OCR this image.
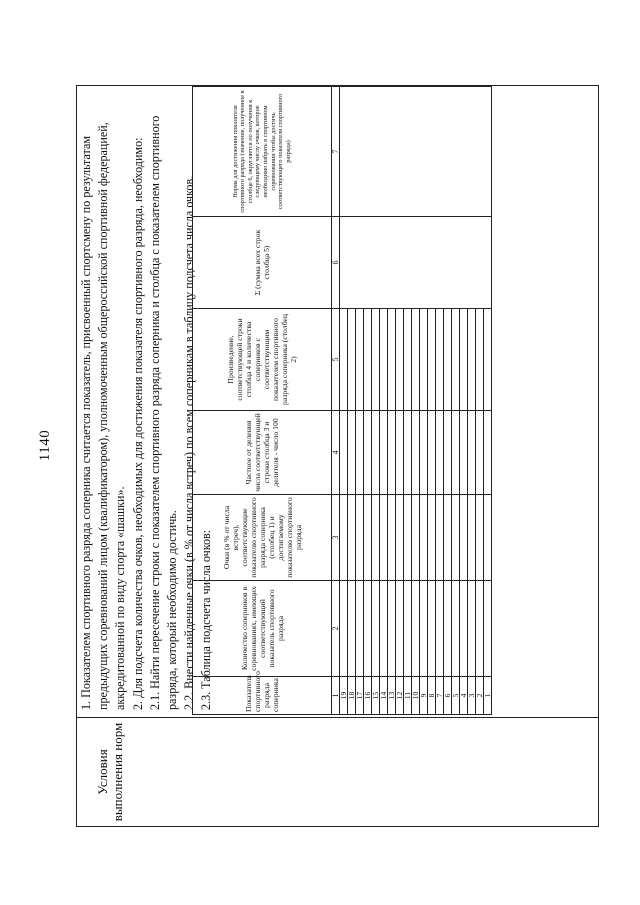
1140
Условия выполнения норм

1. Показателем спортивного разряда соперника считается показатель, присвоенный спортсмену по результатам предыдущих соревнований лицом (квалификатором), уполномоченным общероссийской спортивной федерацией, аккредитованной по виду спорта «шашки». 2. Для подсчета количества очков, необходимых для достижения показателя спортивного разряда, необходимо: 2.1. Найти пересечение строки с показателем спортивного разряда соперника и столбца с показателем спортивного разряда, который необходимо достичь. 2.2. Внести найденные очки (в % от числа встреч) по всем соперникам в таблицу подсчета числа очков. 2.3. Таблица подсчета числа очков:	Показатель спортивного разряда соперника	Количество соперников в соревнованиях, имеющих соответствующий показатель спортивного разряда	Очки (в % от числа встреч), соответствующие показателю спортивного разряда соперника (столбец 1) и достигаемому показателю спортивного разряда	Частное от деления числа соответствующей строки столбца 3 и делителя - число 100	Произведение, соответствующей строки столбца 4 и количества соперников с соответствующим показателем спортивного разряда соперника (столбец 2)	Σ (сумма всех строк столбца 5)	Норма для достижения показателя спортивного разряда (значение, полученное в столбце 6, округляется по получения к следующему числу очков, которое необходимо набрать в спортивном соревновании чтобы достичь соответствующего показателя спортивного разряда)
1	2	3	4	5	6	7
19						
18						
17						
16						
15						
14						
13						
12						
11						
10						
9						
8						
7						
6						
5						
4						
3						
2						
1						
